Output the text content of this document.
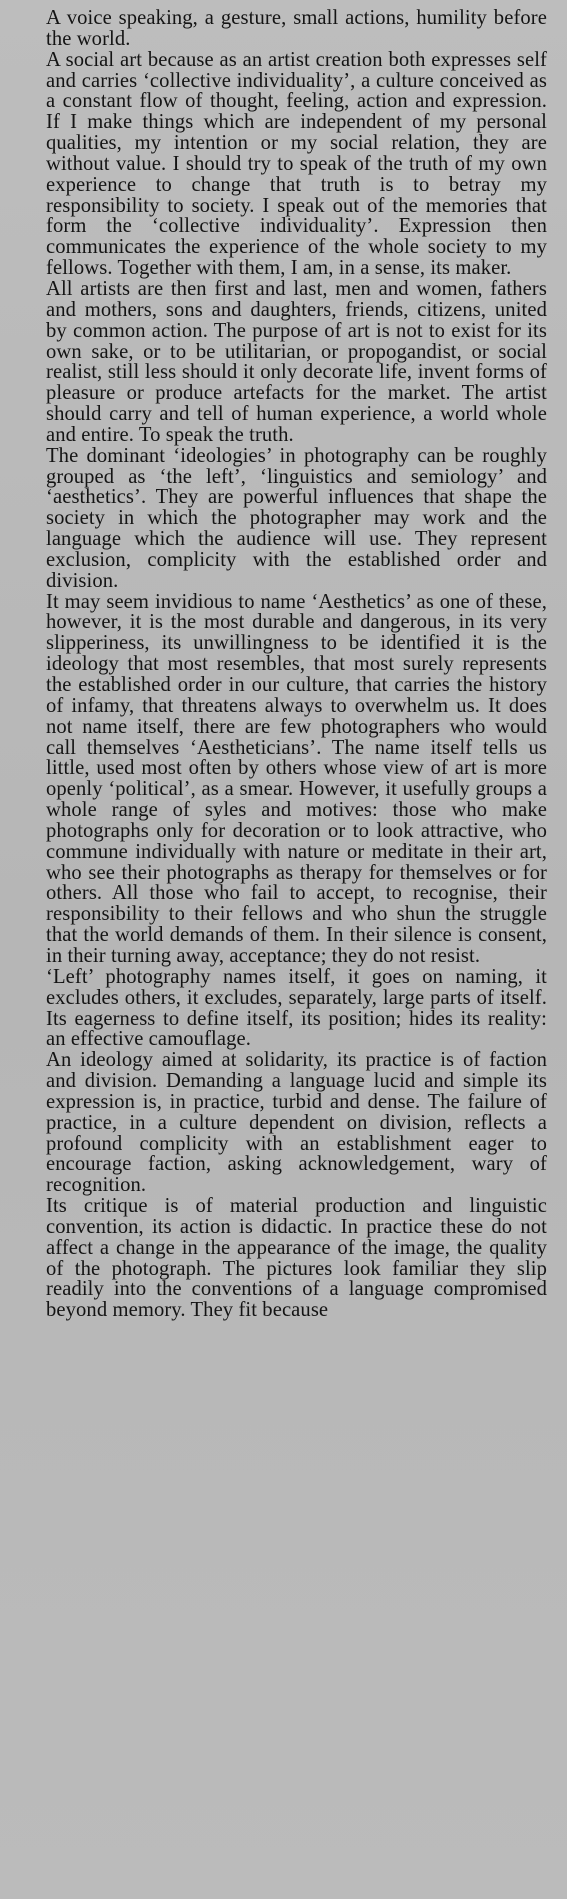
A voice speaking, a gesture, small actions, humility before the world.

A social art because as an artist creation both expresses self and carries ‘collective individuality’, a culture conceived as a constant flow of thought, feeling, action and expression. If I make things which are independent of my personal qualities, my intention or my social relation, they are without value. I should try to speak of the truth of my own experience to change that truth is to betray my responsibility to society. I speak out of the memories that form the ‘collective individuality’. Expression then communicates the experience of the whole society to my fellows. Together with them, I am, in a sense, its maker.

All artists are then first and last, men and women, fathers and mothers, sons and daughters, friends, citizens, united by common action. The purpose of art is not to exist for its own sake, or to be utilitarian, or propogandist, or social realist, still less should it only decorate life, invent forms of pleasure or produce artefacts for the market. The artist should carry and tell of human experience, a world whole and entire. To speak the truth.

The dominant ‘ideologies’ in photography can be roughly grouped as ‘the left’, ‘linguistics and semiology’ and ‘aesthetics’. They are powerful influences that shape the society in which the photographer may work and the language which the audience will use. They represent exclusion, complicity with the established order and division.

It may seem invidious to name ‘Aesthetics’ as one of these, however, it is the most durable and dangerous, in its very slipperiness, its unwillingness to be identified it is the ideology that most resembles, that most surely represents the established order in our culture, that carries the history of infamy, that threatens always to overwhelm us. It does not name itself, there are few photographers who would call themselves ‘Aestheticians’. The name itself tells us little, used most often by others whose view of art is more openly ‘political’, as a smear. However, it usefully groups a whole range of syles and motives: those who make photographs only for decoration or to look attractive, who commune individually with nature or meditate in their art, who see their photographs as therapy for themselves or for others. All those who fail to accept, to recognise, their responsibility to their fellows and who shun the struggle that the world demands of them. In their silence is consent, in their turning away, acceptance; they do not resist.

‘Left’ photography names itself, it goes on naming, it excludes others, it excludes, separately, large parts of itself. Its eagerness to define itself, its position; hides its reality: an effective camouflage.

An ideology aimed at solidarity, its practice is of faction and division. Demanding a language lucid and simple its expression is, in practice, turbid and dense. The failure of practice, in a culture dependent on division, reflects a profound complicity with an establishment eager to encourage faction, asking acknowledgement, wary of recognition.

Its critique is of material production and linguistic convention, its action is didactic. In practice these do not affect a change in the appearance of the image, the quality of the photograph. The pictures look familiar they slip readily into the conventions of a language compromised beyond memory. They fit because
